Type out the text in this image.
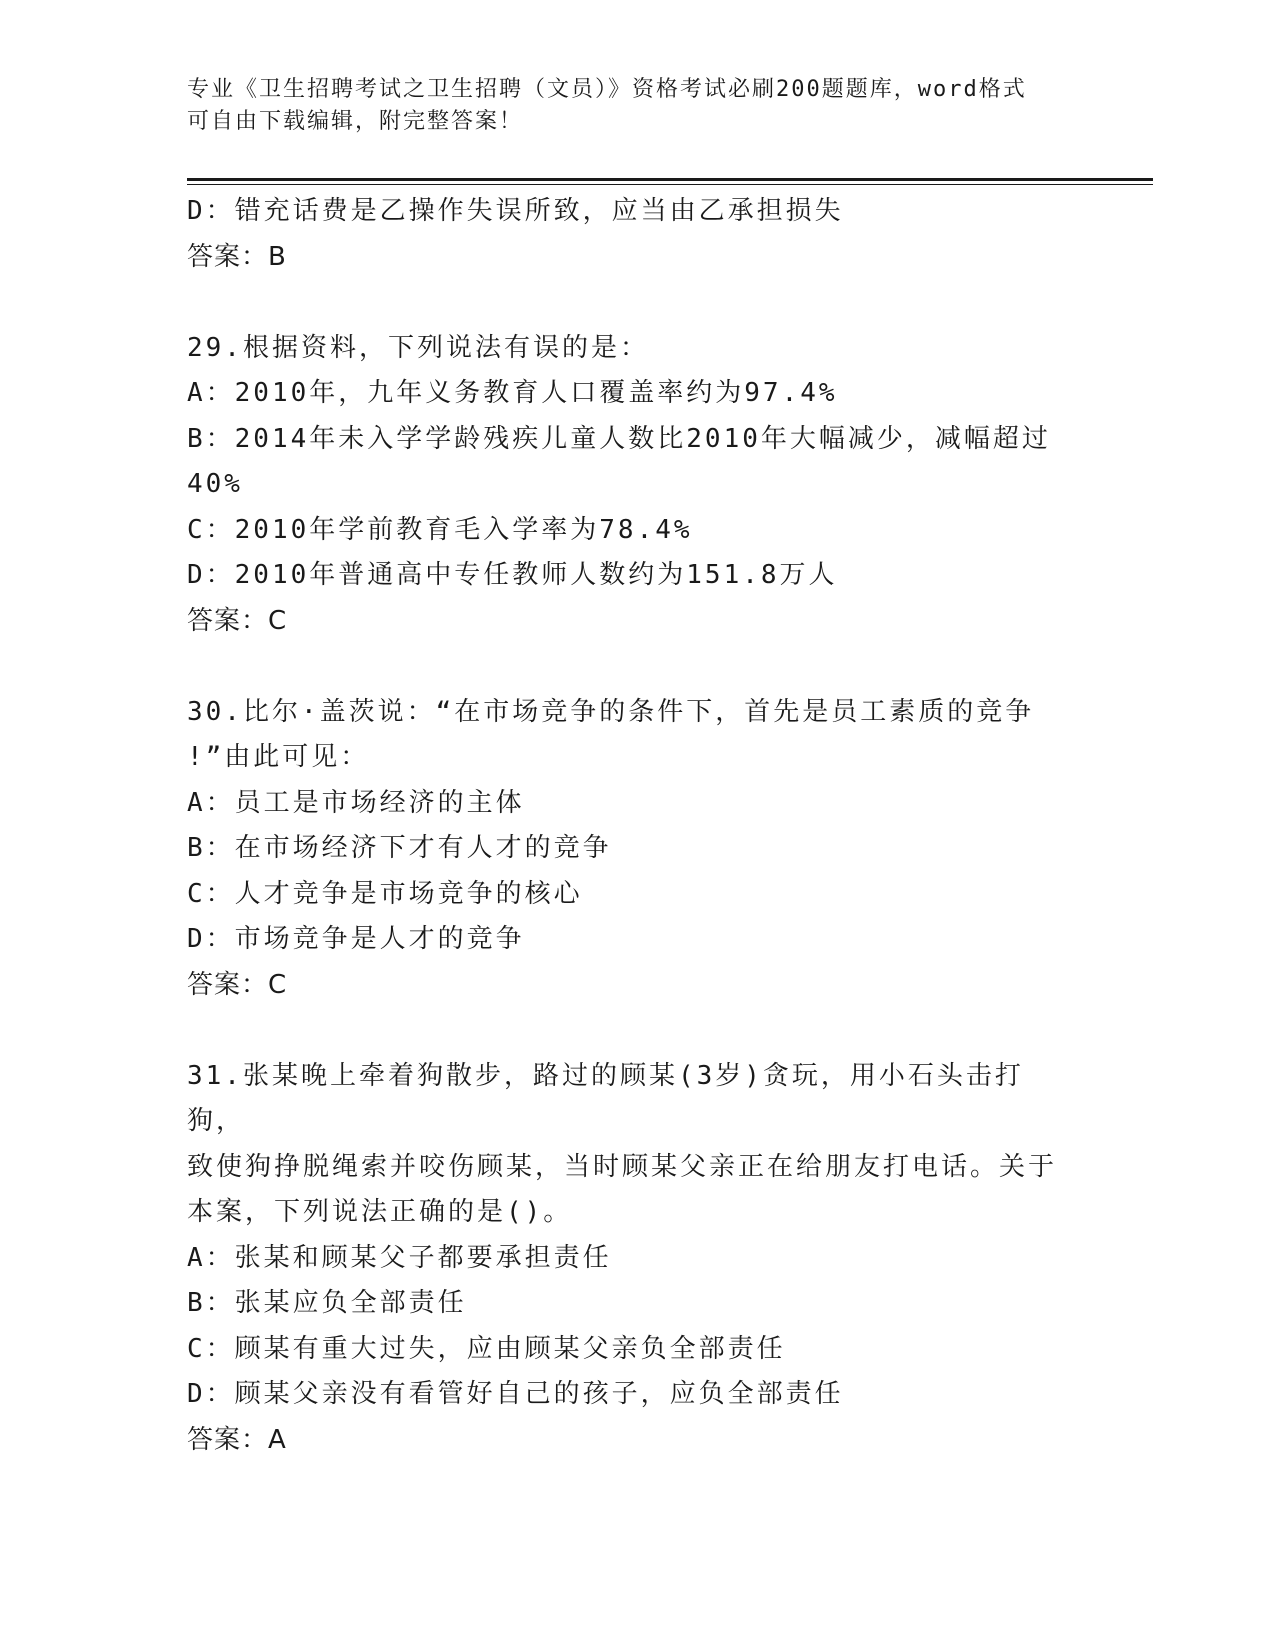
专业《卫生招聘考试之卫生招聘（文员）》资格考试必刷200题题库，word格式
可自由下载编辑，附完整答案！
D：错充话费是乙操作失误所致，应当由乙承担损失
答案：B
29.根据资料，下列说法有误的是：
A：2010年，九年义务教育人口覆盖率约为97.4%
B：2014年未入学学龄残疾儿童人数比2010年大幅减少，减幅超过
40%
C：2010年学前教育毛入学率为78.4%
D：2010年普通高中专任教师人数约为151.8万人
答案：C
30.比尔·盖茨说：“在市场竞争的条件下，首先是员工素质的竞争
!”由此可见：
A：员工是市场经济的主体
B：在市场经济下才有人才的竞争
C：人才竞争是市场竞争的核心
D：市场竞争是人才的竞争
答案：C
31.张某晚上牵着狗散步，路过的顾某(3岁)贪玩，用小石头击打狗，
致使狗挣脱绳索并咬伤顾某，当时顾某父亲正在给朋友打电话。关于
本案，下列说法正确的是()。
A：张某和顾某父子都要承担责任
B：张某应负全部责任
C：顾某有重大过失，应由顾某父亲负全部责任
D：顾某父亲没有看管好自己的孩子，应负全部责任
答案：A
